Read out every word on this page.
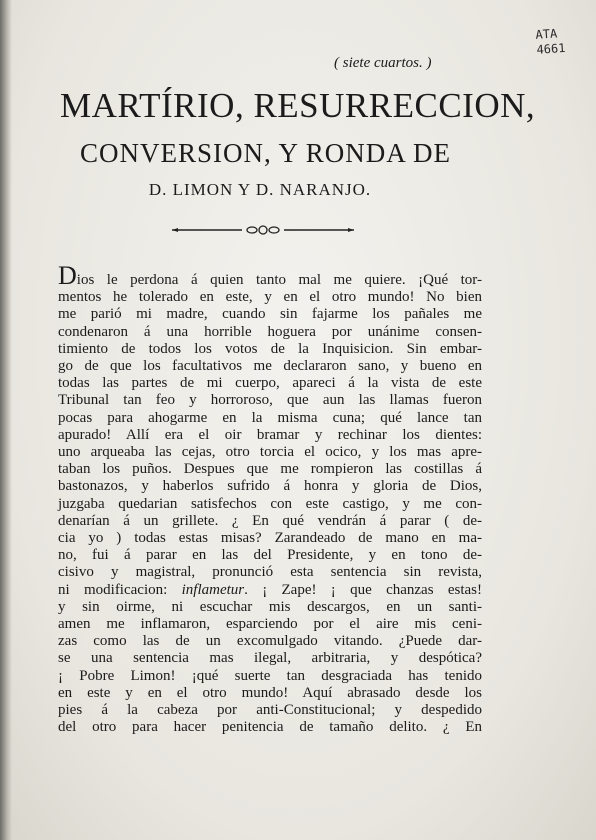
ATA
4661
( siete cuartos. )
MARTÍRIO, RESURRECCION,
CONVERSION, Y RONDA DE
D. LIMON Y D. NARANJO.
Dios le perdona á quien tanto mal me quiere. ¡Qué tor-
mentos he tolerado en este, y en el otro mundo! No bien
me parió mi madre, cuando sin fajarme los pañales me
condenaron á una horrible hoguera por unánime consen-
timiento de todos los votos de la Inquisicion. Sin embar-
go de que los facultativos me declararon sano, y bueno en
todas las partes de mi cuerpo, apareci á la vista de este
Tribunal tan feo y horroroso, que aun las llamas fueron
pocas para ahogarme en la misma cuna; qué lance tan
apurado! Allí era el oir bramar y rechinar los dientes:
uno arqueaba las cejas, otro torcia el ocico, y los mas apre-
taban los puños. Despues que me rompieron las costillas á
bastonazos, y haberlos sufrido á honra y gloria de Dios,
juzgaba quedarian satisfechos con este castigo, y me con-
denarían á un grillete. ¿ En qué vendrán á parar ( de-
cia yo ) todas estas misas? Zarandeado de mano en ma-
no, fui á parar en las del Presidente, y en tono de-
cisivo y magistral, pronunció esta sentencia sin revista,
ni modificacion: inflametur. ¡ Zape! ¡ que chanzas estas!
y sin oirme, ni escuchar mis descargos, en un santi-
amen me inflamaron, esparciendo por el aire mis ceni-
zas como las de un excomulgado vitando. ¿Puede dar-
se una sentencia mas ilegal, arbitraria, y despótica?
¡ Pobre Limon! ¡qué suerte tan desgraciada has tenido
en este y en el otro mundo! Aquí abrasado desde los
pies á la cabeza por anti-Constitucional; y despedido
del otro para hacer penitencia de tamaño delito. ¿ En
